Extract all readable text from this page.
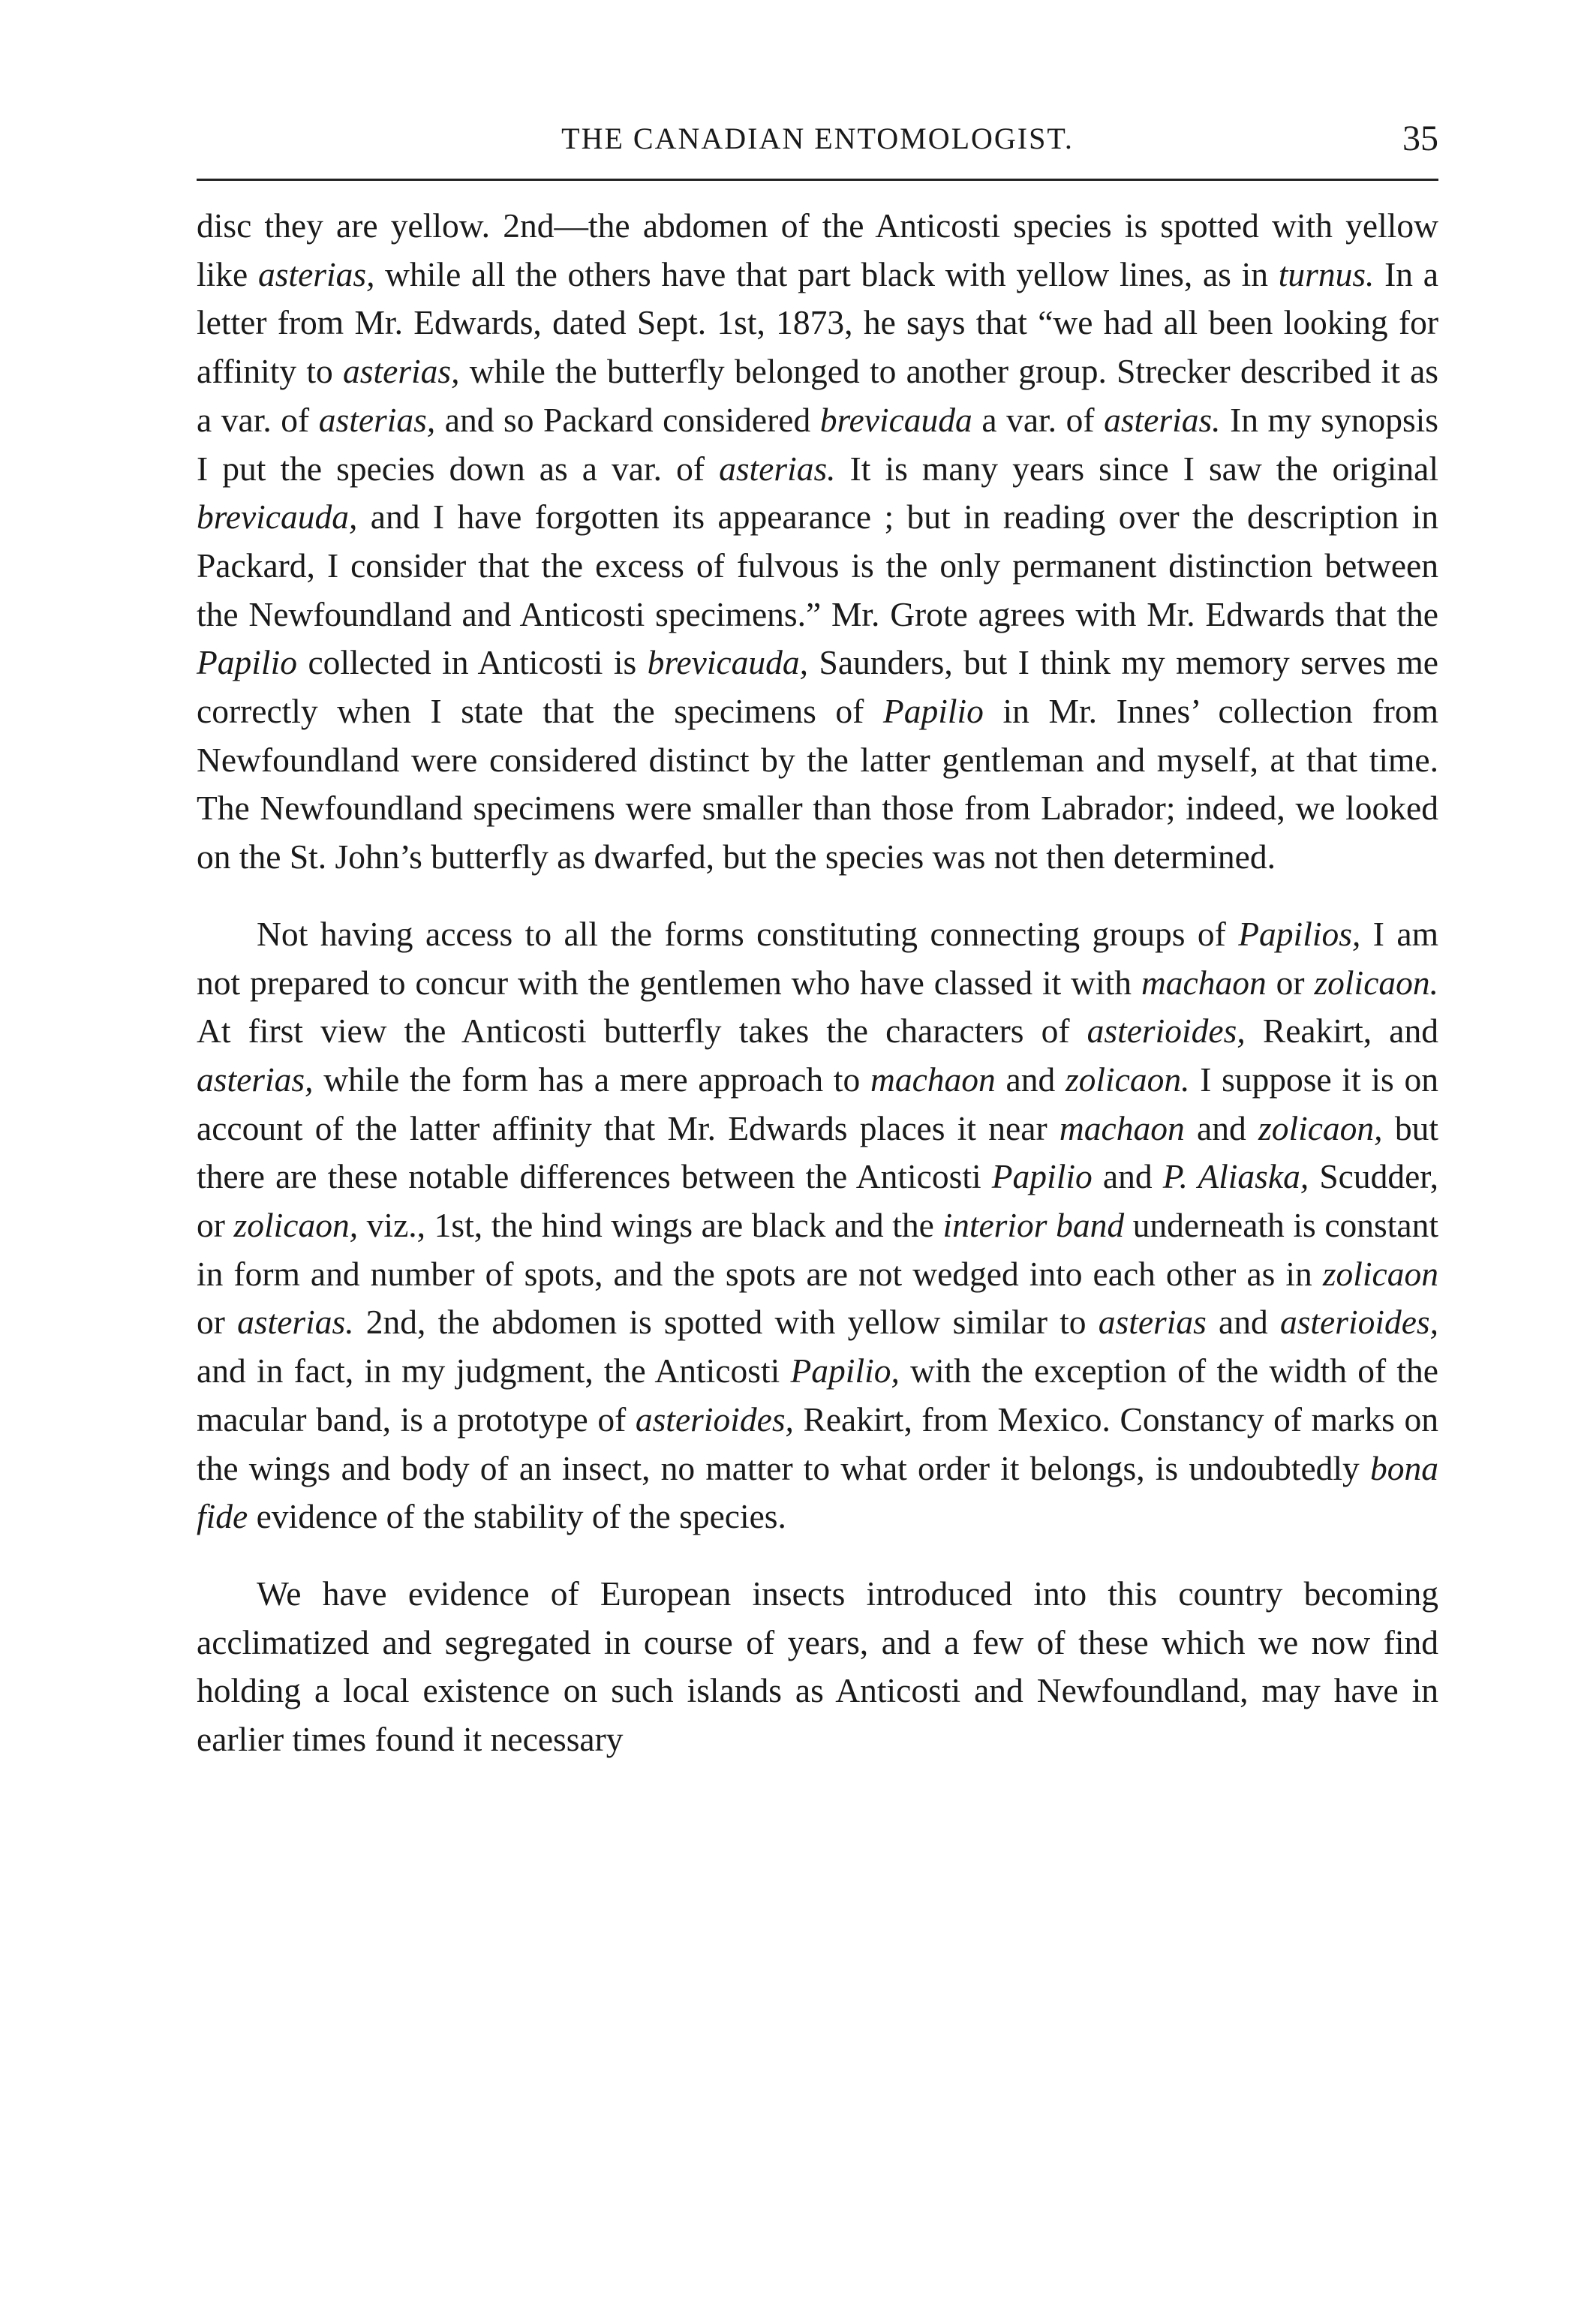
THE CANADIAN ENTOMOLOGIST.	35

disc they are yellow. 2nd—the abdomen of the Anticosti species is spotted with yellow like asterias, while all the others have that part black with yellow lines, as in turnus. In a letter from Mr. Edwards, dated Sept. 1st, 1873, he says that “we had all been looking for affinity to asterias, while the butterfly belonged to another group. Strecker described it as a var. of asterias, and so Packard considered brevicauda a var. of asterias. In my synopsis I put the species down as a var. of asterias. It is many years since I saw the original brevicauda, and I have forgotten its appearance ; but in reading over the description in Packard, I consider that the excess of fulvous is the only permanent distinction between the Newfoundland and Anticosti specimens.” Mr. Grote agrees with Mr. Edwards that the Papilio collected in Anticosti is brevicauda, Saunders, but I think my memory serves me correctly when I state that the specimens of Papilio in Mr. Innes’ collection from Newfoundland were considered distinct by the latter gentleman and myself, at that time. The Newfoundland specimens were smaller than those from Labrador; indeed, we looked on the St. John’s butterfly as dwarfed, but the species was not then determined.

Not having access to all the forms constituting connecting groups of Papilios, I am not prepared to concur with the gentlemen who have classed it with machaon or zolicaon. At first view the Anticosti butterfly takes the characters of asterioides, Reakirt, and asterias, while the form has a mere approach to machaon and zolicaon. I suppose it is on account of the latter affinity that Mr. Edwards places it near machaon and zolicaon, but there are these notable differences between the Anticosti Papilio and P. Aliaska, Scudder, or zolicaon, viz., 1st, the hind wings are black and the interior band underneath is constant in form and number of spots, and the spots are not wedged into each other as in zolicaon or asterias. 2nd, the abdomen is spotted with yellow similar to asterias and asterioides, and in fact, in my judgment, the Anticosti Papilio, with the exception of the width of the macular band, is a prototype of asterioides, Reakirt, from Mexico. Constancy of marks on the wings and body of an insect, no matter to what order it belongs, is undoubtedly bona fide evidence of the stability of the species.

We have evidence of European insects introduced into this country becoming acclimatized and segregated in course of years, and a few of these which we now find holding a local existence on such islands as Anticosti and Newfoundland, may have in earlier times found it necessary
